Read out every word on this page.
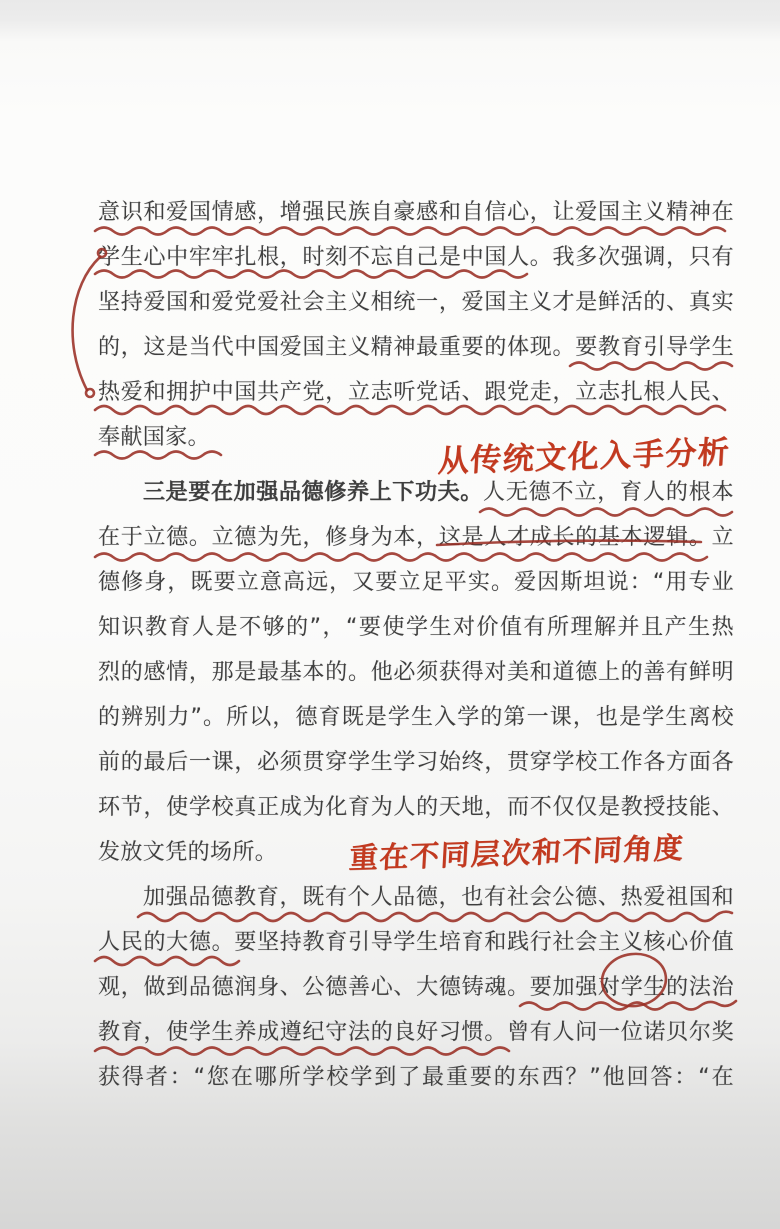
意识和爱国情感，增强民族自豪感和自信心，让爱国主义精神在
学生心中牢牢扎根，时刻不忘自己是中国人。我多次强调，只有
坚持爱国和爱党爱社会主义相统一，爱国主义才是鲜活的、真实
的，这是当代中国爱国主义精神最重要的体现。要教育引导学生
热爱和拥护中国共产党，立志听党话、跟党走，立志扎根人民、
奉献国家。
三是要在加强品德修养上下功夫。人无德不立，育人的根本
在于立德。立德为先，修身为本，这是人才成长的基本逻辑。立
德修身，既要立意高远，又要立足平实。爱因斯坦说：“用专业
知识教育人是不够的”，“要使学生对价值有所理解并且产生热
烈的感情，那是最基本的。他必须获得对美和道德上的善有鲜明
的辨别力”。所以，德育既是学生入学的第一课，也是学生离校
前的最后一课，必须贯穿学生学习始终，贯穿学校工作各方面各
环节，使学校真正成为化育为人的天地，而不仅仅是教授技能、
发放文凭的场所。
加强品德教育，既有个人品德，也有社会公德、热爱祖国和
人民的大德。要坚持教育引导学生培育和践行社会主义核心价值
观，做到品德润身、公德善心、大德铸魂。要加强对学生的法治
教育，使学生养成遵纪守法的良好习惯。曾有人问一位诺贝尔奖
获得者：“您在哪所学校学到了最重要的东西？”他回答：“在
从传统文化入手分析
重在不同层次和不同角度
